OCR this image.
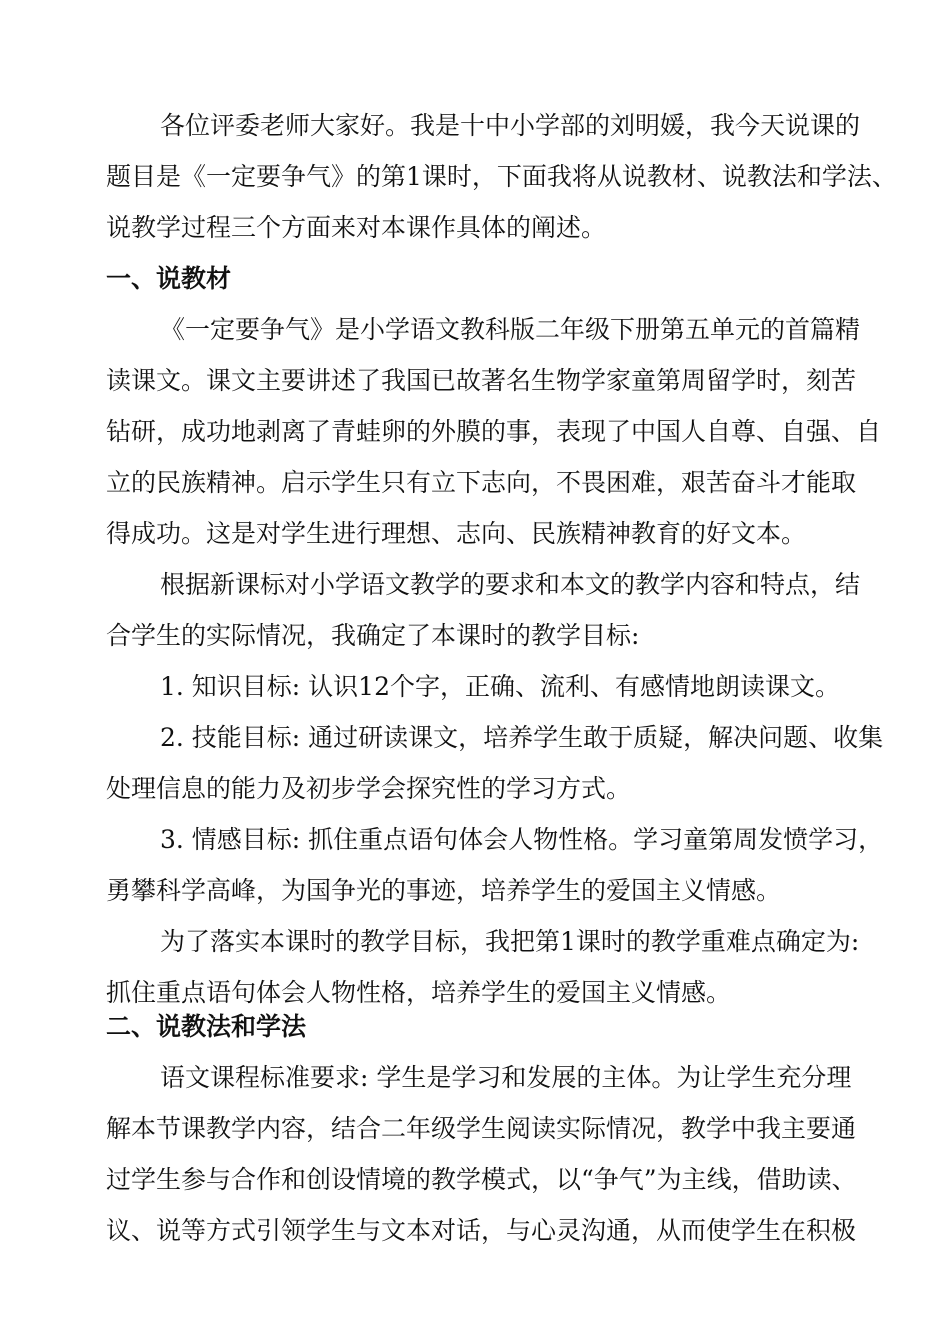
各位评委老师大家好。我是十中小学部的刘明媛，我今天说课的
题目是《一定要争气》的第1课时，下面我将从说教材、说教法和学法、
说教学过程三个方面来对本课作具体的阐述。
一、说教材
《一定要争气》是小学语文教科版二年级下册第五单元的首篇精
读课文。课文主要讲述了我国已故著名生物学家童第周留学时，刻苦
钻研，成功地剥离了青蛙卵的外膜的事，表现了中国人自尊、自强、自
立的民族精神。启示学生只有立下志向，不畏困难，艰苦奋斗才能取
得成功。这是对学生进行理想、志向、民族精神教育的好文本。
根据新课标对小学语文教学的要求和本文的教学内容和特点，结
合学生的实际情况，我确定了本课时的教学目标:
1. 知识目标: 认识12个字，正确、流利、有感情地朗读课文。
2. 技能目标: 通过研读课文，培养学生敢于质疑，解决问题、收集
处理信息的能力及初步学会探究性的学习方式。
3. 情感目标: 抓住重点语句体会人物性格。学习童第周发愤学习，
勇攀科学高峰，为国争光的事迹，培养学生的爱国主义情感。
为了落实本课时的教学目标，我把第1课时的教学重难点确定为:
抓住重点语句体会人物性格，培养学生的爱国主义情感。
二、说教法和学法
语文课程标准要求: 学生是学习和发展的主体。为让学生充分理
解本节课教学内容，结合二年级学生阅读实际情况，教学中我主要通
过学生参与合作和创设情境的教学模式，以“争气”为主线，借助读、
议、说等方式引领学生与文本对话，与心灵沟通，从而使学生在积极
